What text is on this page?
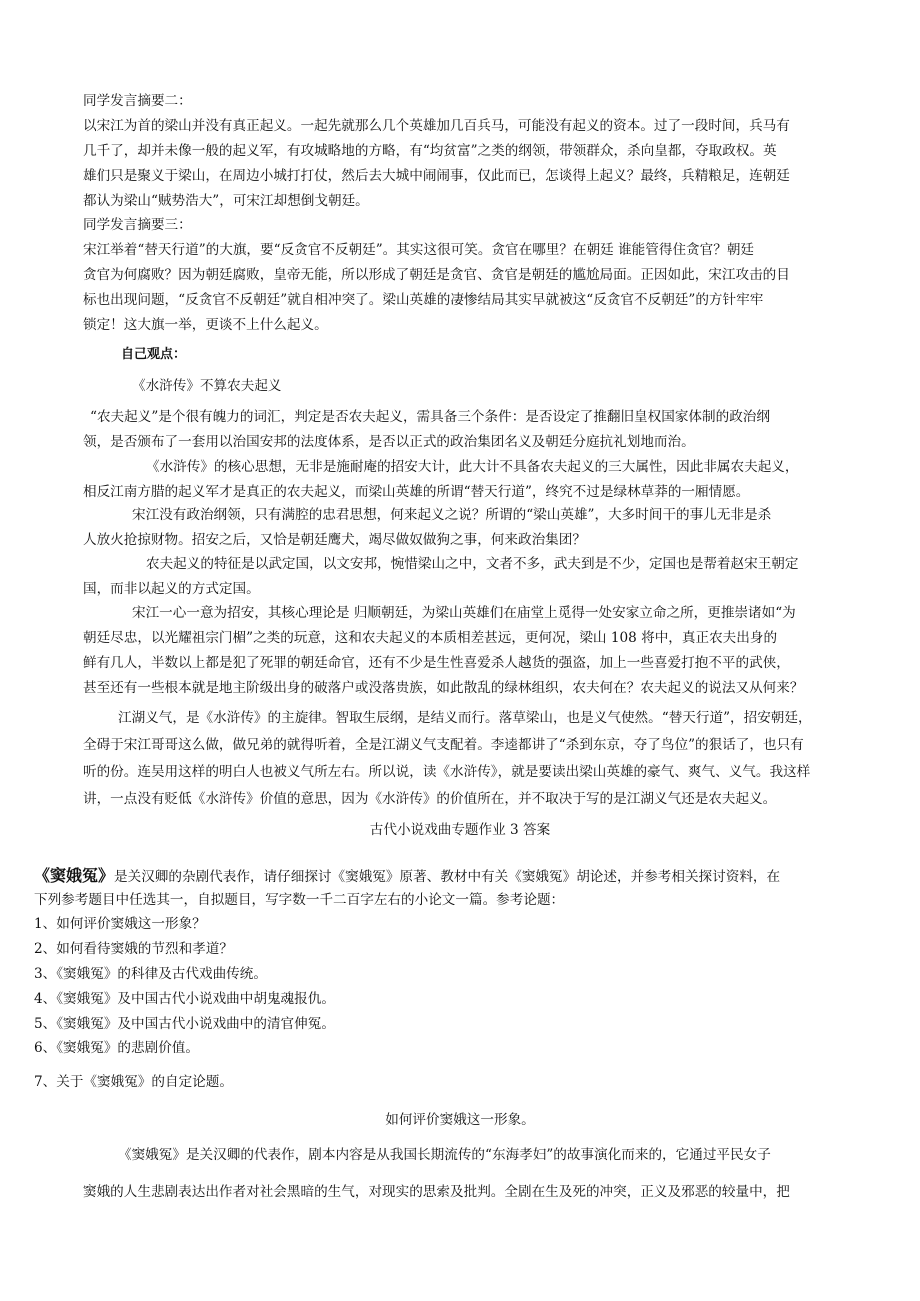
同学发言摘要二：

以宋江为首的梁山并没有真正起义。一起先就那么几个英雄加几百兵马，可能没有起义的资本。过了一段时间，兵马有

几千了，却并未像一般的起义军，有攻城略地的方略，有“均贫富”之类的纲领，带领群众，杀向皇都，夺取政权。英

雄们只是聚义于梁山，在周边小城打打仗，然后去大城中闹闹事，仅此而已，怎谈得上起义？最终，兵精粮足，连朝廷

都认为梁山“贼势浩大”，可宋江却想倒戈朝廷。

同学发言摘要三：

宋江举着“替天行道”的大旗，要“反贪官不反朝廷”。其实这很可笑。贪官在哪里？在朝廷 谁能管得住贪官？朝廷

贪官为何腐败？因为朝廷腐败，皇帝无能，所以形成了朝廷是贪官、贪官是朝廷的尴尬局面。正因如此，宋江攻击的目

标也出现问题，“反贪官不反朝廷”就自相冲突了。梁山英雄的凄惨结局其实早就被这“反贪官不反朝廷”的方针牢牢

锁定！这大旗一举，更谈不上什么起义。

自己观点：

《水浒传》不算农夫起义

“农夫起义”是个很有魄力的词汇，判定是否农夫起义，需具备三个条件：是否设定了推翻旧皇权国家体制的政治纲

领，是否颁布了一套用以治国安邦的法度体系，是否以正式的政治集团名义及朝廷分庭抗礼划地而治。

《水浒传》的核心思想，无非是施耐庵的招安大计，此大计不具备农夫起义的三大属性，因此非属农夫起义，

相反江南方腊的起义军才是真正的农夫起义，而梁山英雄的所谓“替天行道”，终究不过是绿林草莽的一厢情愿。

宋江没有政治纲领，只有满腔的忠君思想，何来起义之说？所谓的“梁山英雄”，大多时间干的事儿无非是杀

人放火抢掠财物。招安之后，又恰是朝廷鹰犬，竭尽做奴做狗之事，何来政治集团？

农夫起义的特征是以武定国，以文安邦，惋惜梁山之中，文者不多，武夫到是不少，定国也是帮着赵宋王朝定

国，而非以起义的方式定国。

宋江一心一意为招安，其核心理论是 归顺朝廷，为梁山英雄们在庙堂上觅得一处安家立命之所，更推崇诸如“为

朝廷尽忠，以光耀祖宗门楣”之类的玩意，这和农夫起义的本质相差甚远，更何况，梁山 108 将中，真正农夫出身的

鲜有几人，半数以上都是犯了死罪的朝廷命官，还有不少是生性喜爱杀人越货的强盗，加上一些喜爱打抱不平的武侠，

甚至还有一些根本就是地主阶级出身的破落户或没落贵族，如此散乱的绿林组织，农夫何在？农夫起义的说法又从何来？

江湖义气，是《水浒传》的主旋律。智取生辰纲，是结义而行。落草梁山，也是义气使然。“替天行道”，招安朝廷，

全碍于宋江哥哥这么做，做兄弟的就得听着，全是江湖义气支配着。李逵都讲了“杀到东京，夺了鸟位”的狠话了，也只有

听的份。连吴用这样的明白人也被义气所左右。所以说，读《水浒传》，就是要读出梁山英雄的豪气、爽气、义气。我这样

讲，一点没有贬低《水浒传》价值的意思，因为《水浒传》的价值所在，并不取决于写的是江湖义气还是农夫起义。

古代小说戏曲专题作业 3 答案

《窦娥冤》是关汉卿的杂剧代表作，请仔细探讨《窦娥冤》原著、教材中有关《窦娥冤》胡论述，并参考相关探讨资料，在

下列参考题目中任选其一，自拟题目，写字数一千二百字左右的小论文一篇。参考论题：

1、如何评价窦娥这一形象？

2、如何看待窦娥的节烈和孝道？

3、《窦娥冤》的科律及古代戏曲传统。

4、《窦娥冤》及中国古代小说戏曲中胡鬼魂报仇。

5、《窦娥冤》及中国古代小说戏曲中的清官伸冤。

6、《窦娥冤》的悲剧价值。

7、关于《窦娥冤》的自定论题。

如何评价窦娥这一形象。

《窦娥冤》是关汉卿的代表作，剧本内容是从我国长期流传的“东海孝妇”的故事演化而来的，它通过平民女子

窦娥的人生悲剧表达出作者对社会黑暗的生气，对现实的思索及批判。全剧在生及死的冲突，正义及邪恶的较量中，把
